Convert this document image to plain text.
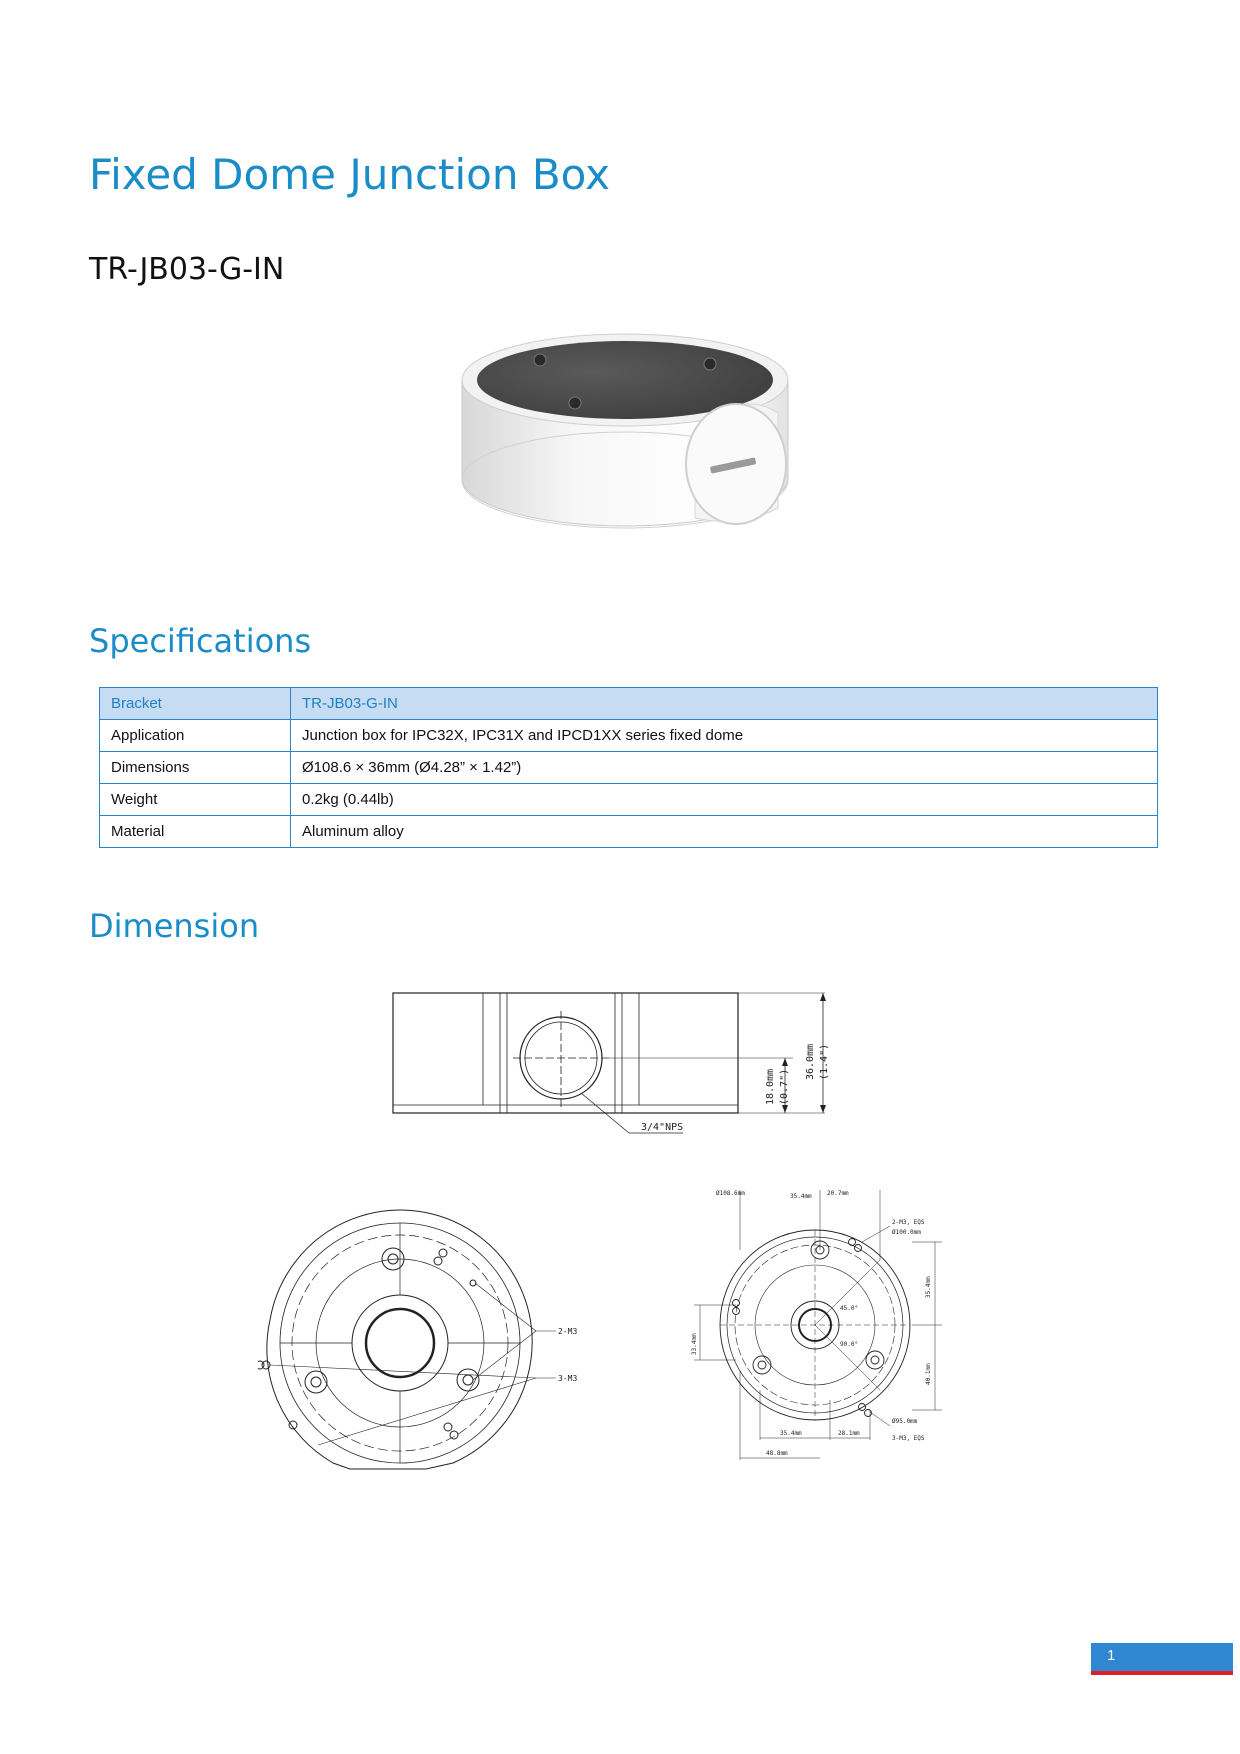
Fixed Dome Junction Box
TR-JB03-G-IN
Specifications
Bracket	TR-JB03-G-IN
Application	Junction box for IPC32X, IPC31X and IPCD1XX series fixed dome
Dimensions	Ø108.6 × 36mm (Ø4.28” × 1.42”)
Weight	0.2kg (0.44lb)
Material	Aluminum alloy
Dimension
18.0mm (0.7")
36.0mm (1.4")
3/4"NPS
2-M3
3-M3
35.4mm
2-M3, EQS
Ø100.0mm
45.0°
90.0°
Ø95.0mm
3-M3, EQS
35.4mm	28.1mm
48.8mm
35.4mm
40.1mm
33.4mm
Ø108.6mm	20.7mm
1
